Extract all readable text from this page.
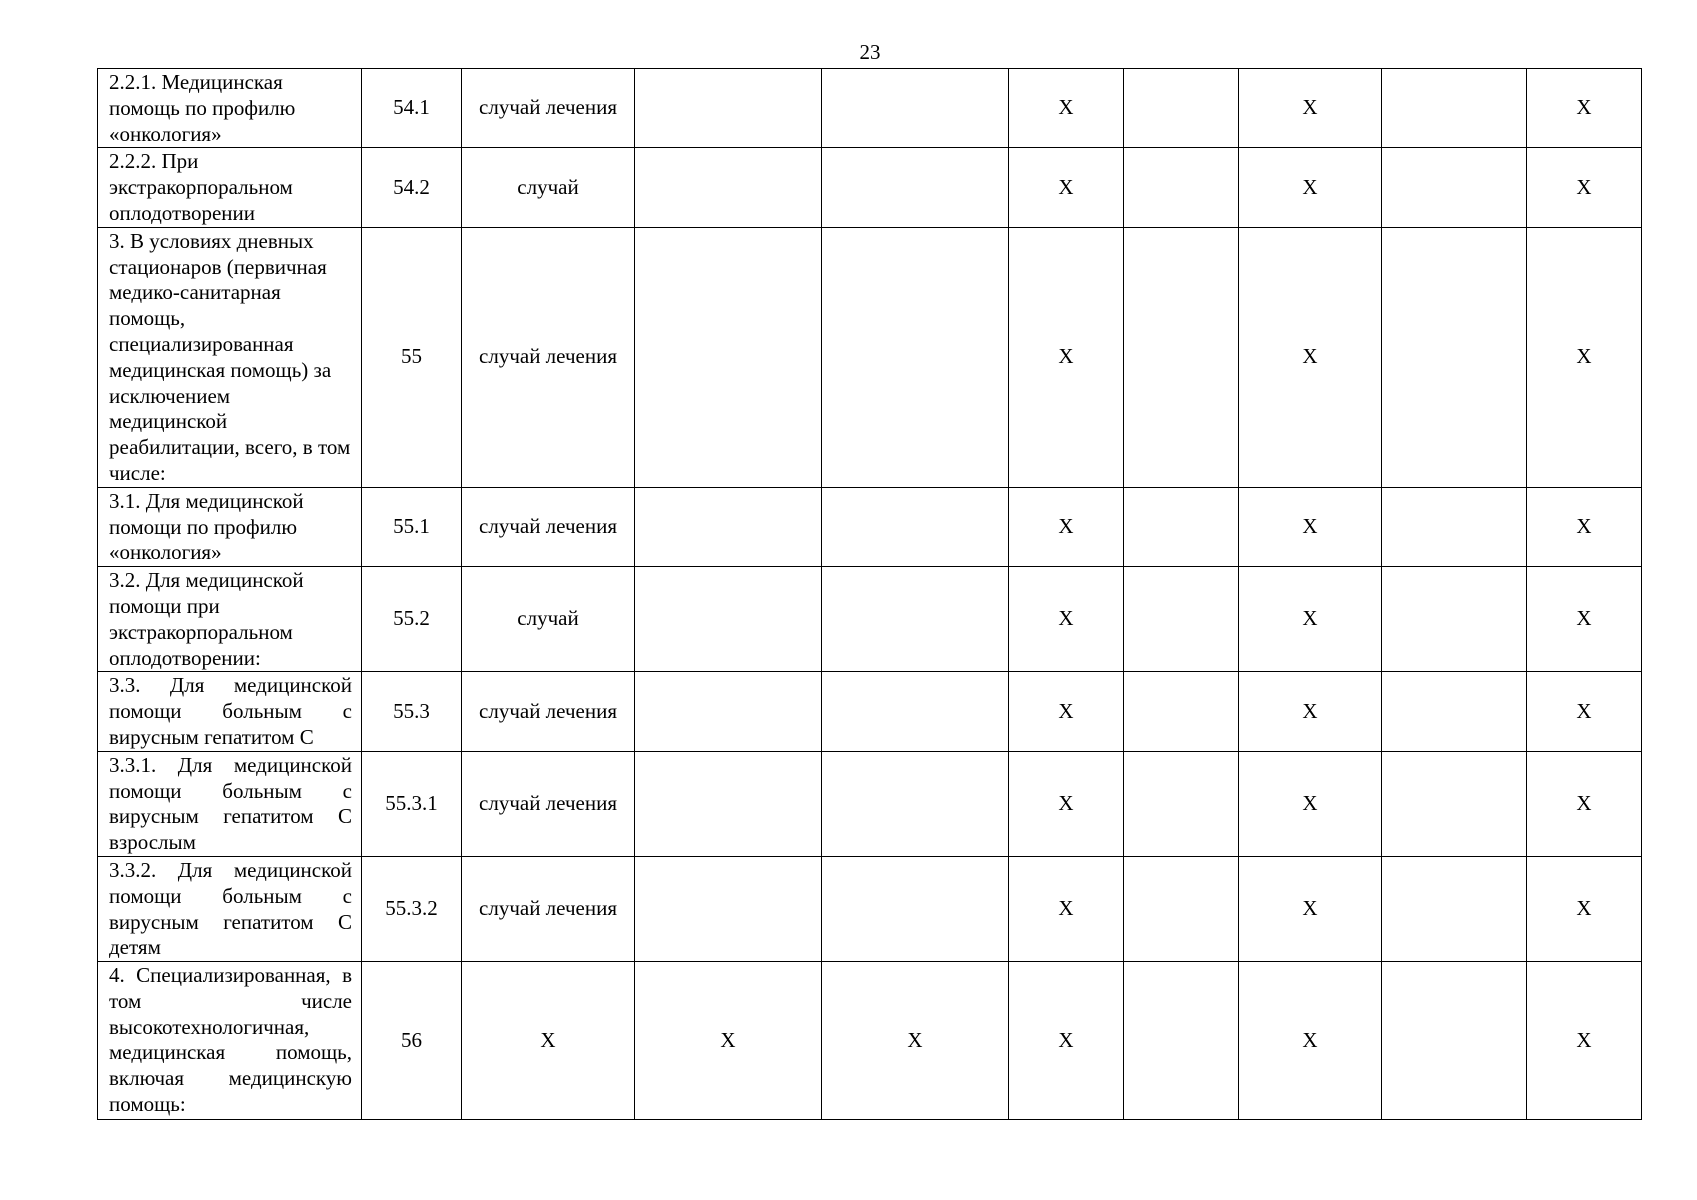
23
2.2.1. Медицинская помощь по профилю «онкология»	54.1	случай лечения			X		X		X

2.2.2. При экстракорпоральном оплодотворении	54.2	случай			X		X		X

3. В условиях дневных стационаров (первичная медико-санитарная помощь, специализированная медицинская помощь) за исключением медицинской реабилитации, всего, в том числе:	55	случай лечения			X		X		X

3.1. Для медицинской помощи по профилю «онкология»	55.1	случай лечения			X		X		X

3.2. Для медицинской помощи при экстракорпоральном оплодотворении:	55.2	случай			X		X		X

3.3. Для медицинской помощи больным с вирусным гепатитом С	55.3	случай лечения			X		X		X

3.3.1. Для медицинской помощи больным с вирусным гепатитом С взрослым	55.3.1	случай лечения			X		X		X

3.3.2. Для медицинской помощи больным с вирусным гепатитом С детям	55.3.2	случай лечения			X		X		X

4. Специализированная, в том числе высокотехнологичная, медицинская помощь, включая медицинскую помощь:	56	X	X	X	X		X		X
